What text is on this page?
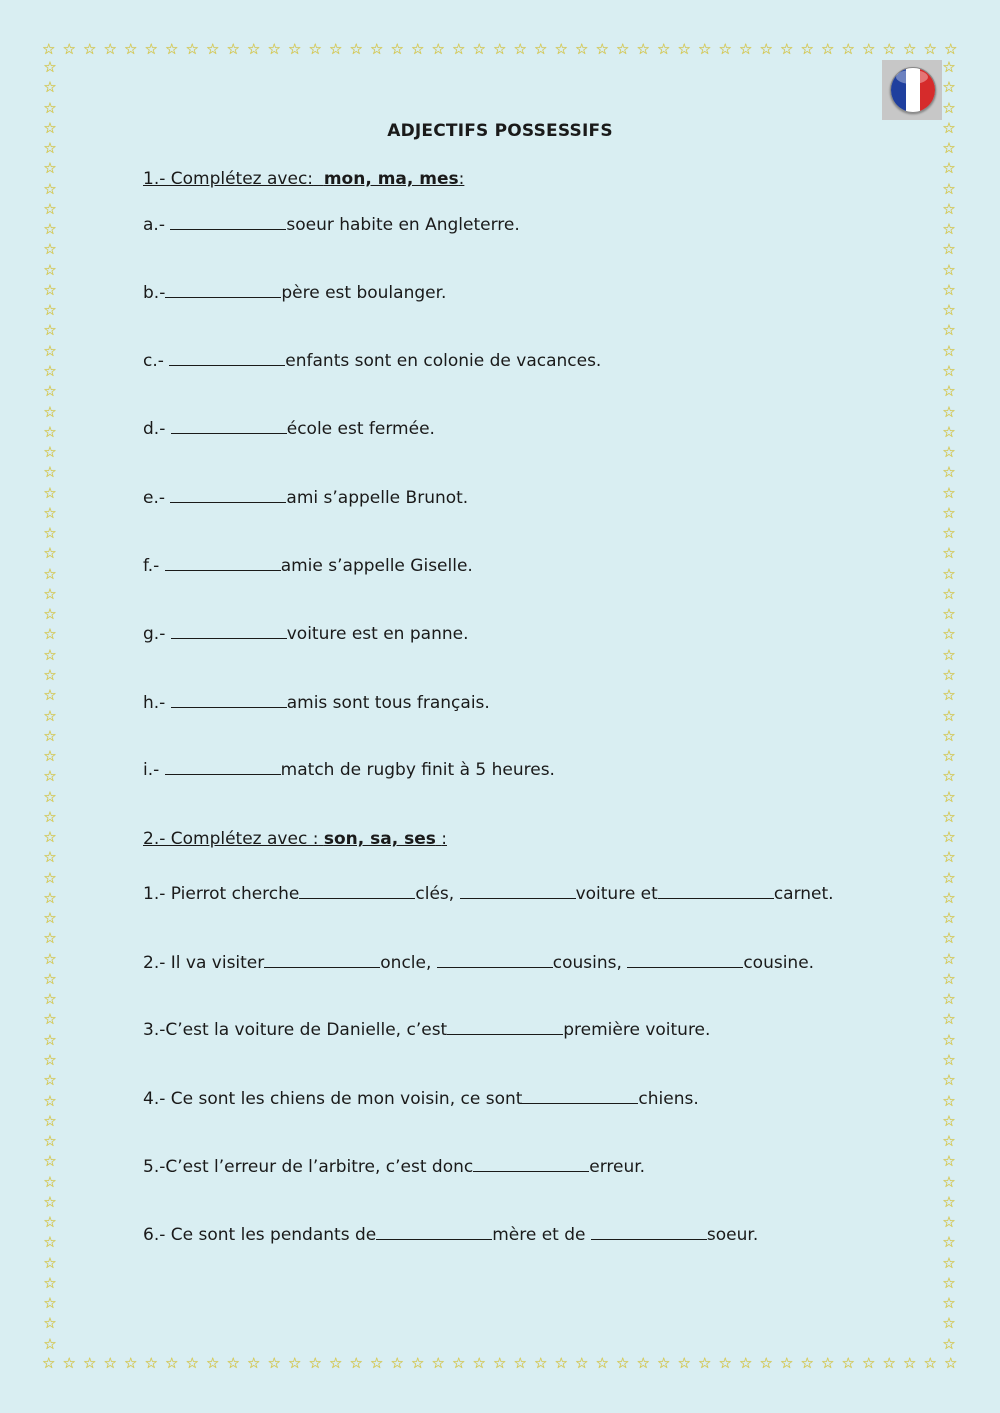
☆ ☆ ☆ ☆ ☆ ☆ ☆ ☆ ☆ ☆ ☆ ☆ ☆ ☆ ☆ ☆ ☆ ☆ ☆ ☆ ☆ ☆ ☆ ☆ ☆ ☆ ☆ ☆ ☆ ☆ ☆ ☆ ☆ ☆ ☆ ☆ ☆ ☆ ☆ ☆ ☆ ☆ ☆ ☆ ☆
☆ ☆ ☆ ☆ ☆ ☆ ☆ ☆ ☆ ☆ ☆ ☆ ☆ ☆ ☆ ☆ ☆ ☆ ☆ ☆ ☆ ☆ ☆ ☆ ☆ ☆ ☆ ☆ ☆ ☆ ☆ ☆ ☆ ☆ ☆ ☆ ☆ ☆ ☆ ☆ ☆ ☆ ☆ ☆ ☆
☆
☆
☆
☆
☆
☆
☆
☆
☆
☆
☆
☆
☆
☆
☆
☆
☆
☆
☆
☆
☆
☆
☆
☆
☆
☆
☆
☆
☆
☆
☆
☆
☆
☆
☆
☆
☆
☆
☆
☆
☆
☆
☆
☆
☆
☆
☆
☆
☆
☆
☆
☆
☆
☆
☆
☆
☆
☆
☆
☆
☆
☆
☆
☆
☆
☆
☆
☆
☆
☆
☆
☆
☆
☆
☆
☆
☆
☆
☆
☆
☆
☆
☆
☆
☆
☆
☆
☆
☆
☆
☆
☆
☆
☆
☆
☆
☆
☆
☆
☆
☆
☆
☆
☆
☆
☆
☆
☆
☆
☆
☆
☆
☆
☆
☆
☆
☆
☆
☆
☆
☆
☆
☆
☆
☆
☆
☆
☆
ADJECTIFS POSSESSIFS
1.- Complétez avec: mon, ma, mes:
a.-	soeur habite en Angleterre.
b.-	père est boulanger.
c.-	enfants sont en colonie de vacances.
d.-	école est fermée.
e.-	ami s’appelle Brunot.
f.-	amie s’appelle Giselle.
g.-	voiture est en panne.
h.-	amis sont tous français.
i.-	match de rugby finit à 5 heures.
2.- Complétez avec : son, sa, ses :
1.- Pierrot cherche	clés,	voiture et	carnet.
2.- Il va visiter	oncle,	cousins,	cousine.
3.-C’est la voiture de Danielle, c’est	première voiture.
4.- Ce sont les chiens de mon voisin, ce sont	chiens.
5.-C’est l’erreur de l’arbitre, c’est donc	erreur.
6.- Ce sont les pendants de	mère et de	soeur.
